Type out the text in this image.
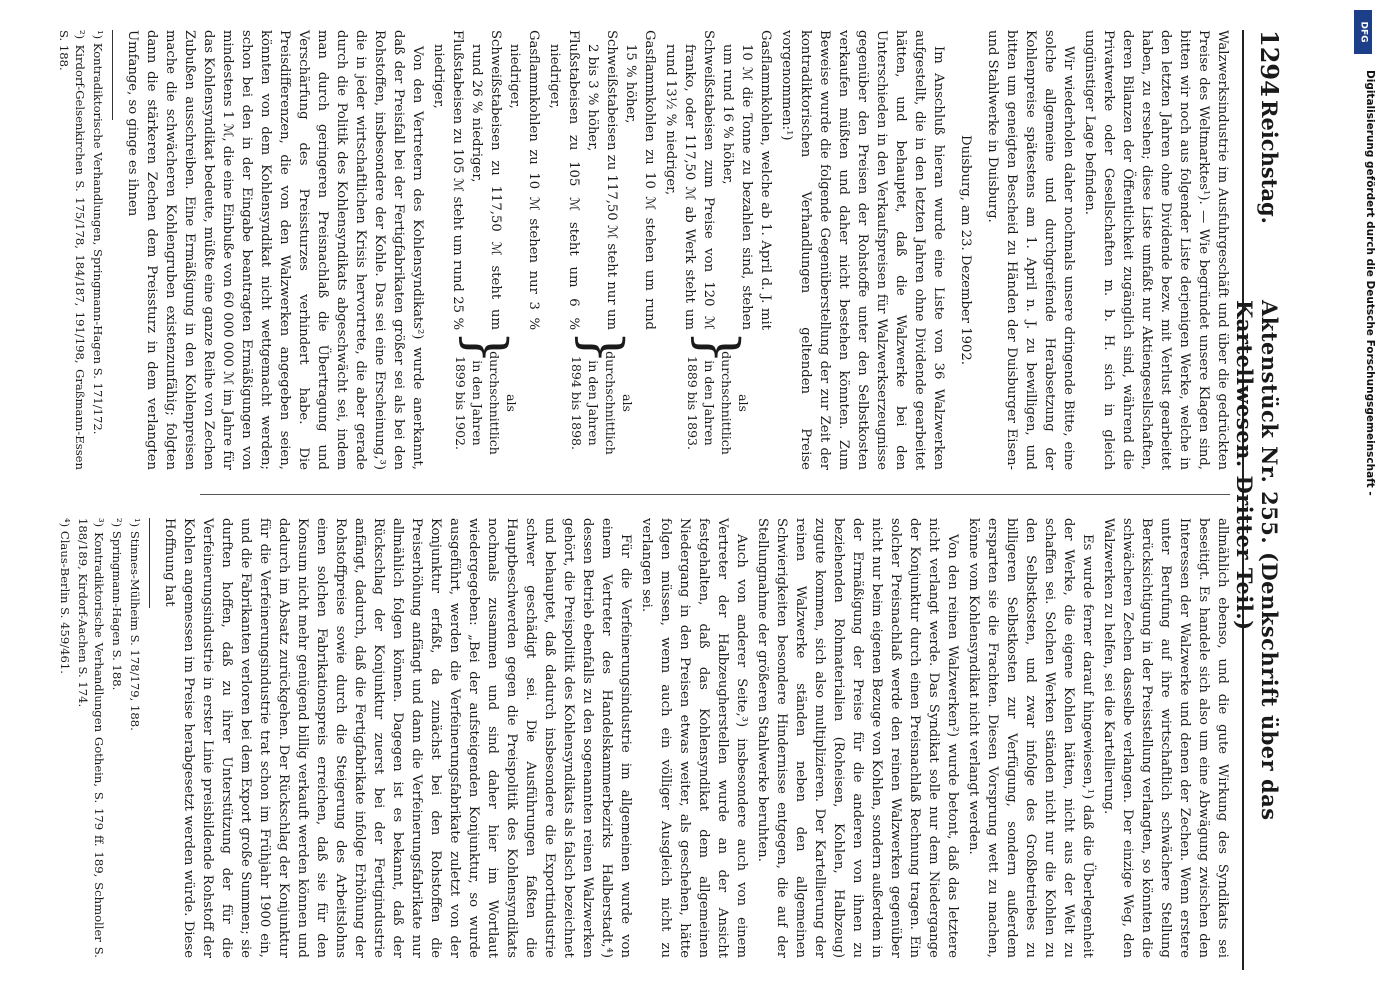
1294
Reichstag.
Aktenstück Nr. 255. (Denkschrift über das Kartellwesen. Dritter Teil.)

Walzwerksindustrie im Ausfuhrgeschäft und über die gedrückten Preise des Weltmarktes¹). — Wie begründet unsere Klagen sind, bitten wir noch aus folgender Liste derjenigen Werke, welche in den letzten Jahren ohne Dividende bezw. mit Verlust gearbeitet haben, zu ersehen; diese Liste umfaßt nur Aktiengesellschaften, deren Bilanzen der Öffentlichkeit zugänglich sind, während die Privatwerke oder Gesellschaften m. b. H. sich in gleich ungünstiger Lage befinden.

Wir wiederholen daher nochmals unsere dringende Bitte, eine solche allgemeine und durchgreifende Herabsetzung der Kohlenpreise spätestens am 1. April n. J. zu bewilligen, und bitten um geneigten Bescheid zu Händen der Duisburger Eisen- und Stahlwerke in Duisburg.

Duisburg, am 23. Dezember 1902.

Im Anschluß hieran wurde eine Liste von 36 Walzwerken aufgestellt, die in den letzten Jahren ohne Dividende gearbeitet hätten, und behauptet, daß die Walzwerke bei den Unterschieden in den Verkaufspreisen für Walzwerkserzeugnisse gegenüber den Preisen der Rohstoffe unter den Selbstkosten verkaufen müßten und daher nicht bestehen könnten. Zum Beweise wurde die folgende Gegenüberstellung der zur Zeit der kontradiktorischen Verhandlungen geltenden Preise vorgenommen:¹)

Gasflammkohlen, welche ab 1. April d. J. mit 10 ℳ die Tonne zu bezahlen sind, stehen um rund 16 % höher,
Schweißstabeisen zum Preise von 120 ℳ franko, oder 117,50 ℳ ab Werk steht um rund 13½ % niedriger,
}
als durchschnittlich in den Jahren 1889 bis 1893.
Gasflammkohlen zu 10 ℳ stehen um rund 15 % höher,
Schweißstabeisen zu 117,50 ℳ steht nur um 2 bis 3 % höher,
Flußstabeisen zu 105 ℳ steht um 6 % niedriger,
}
als durchschnittlich in den Jahren 1894 bis 1898.
Gasflammkohlen zu 10 ℳ stehen nur 3 % niedriger,
Schweißstabeisen zu 117,50 ℳ steht um rund 26 % niedriger,
Flußstabeisen zu 105 ℳ steht um rund 25 % niedriger,
}
als durchschnittlich in den Jahren 1899 bis 1902.

Von den Vertretern des Kohlensyndikats²) wurde anerkannt, daß der Preisfall bei der Fertigfabrikaten größer sei als bei den Rohstoffen, insbesondere der Kohle. Das sei eine Erscheinung,³) die in jeder wirtschaftlichen Krisis hervortrete, die aber gerade durch die Politik des Kohlensyndikats abgeschwächt sei, indem man durch geringeren Preisnachlaß die Übertragung und Verschärfung des Preissturzes verhindert habe. Die Preisdifferenzen, die von den Walzwerken angegeben seien, könnten von dem Kohlensyndikat nicht wettgemacht werden; schon bei den in der Eingabe beantragten Ermäßigungen von mindestens 1 ℳ, die eine Einbuße von 60 000 000 ℳ im Jahre für das Kohlensyndikat bedeute, müßte eine ganze Reihe von Zechen Zubußen ausschreiben. Eine Ermäßigung in den Kohlenpreisen mache die schwächeren Kohlengruben existenzunfähig; folgten dann die stärkeren Zechen dem Preissturz in dem verlangten Umfange, so ginge es ihnen

¹) Kontradiktorische Verhandlungen, Springmann-Hagen S. 171/172.

²) Kirdorf-Gelsenkirchen S. 175/178, 184/187, 191/198, Graßmann-Essen S. 188.

allmählich ebenso, und die gute Wirkung des Syndikats sei beseitigt. Es handele sich also um eine Abwägung zwischen den Interessen der Walzwerke und denen der Zechen. Wenn erstere unter Berufung auf ihre wirtschaftlich schwächere Stellung Berücksichtigung in der Preisstellung verlangten, so könnten die schwächeren Zechen dasselbe verlangen. Der einzige Weg, den Walzwerken zu helfen, sei die Kartellierung.

Es wurde ferner darauf hingewiesen,¹) daß die Überlegenheit der Werke, die eigene Kohlen hätten, nicht aus der Welt zu schaffen sei. Solchen Werken ständen nicht nur die Kohlen zu den Selbstkosten, und zwar infolge des Großbetriebes zu billigeren Selbstkosten zur Verfügung, sondern außerdem ersparten sie die Frachten. Diesen Vorsprung wett zu machen, könne vom Kohlensyndikat nicht verlangt werden.

Von den reinen Walzwerken²) wurde betont, daß das letztere nicht verlangt werde. Das Syndikat solle nur dem Niedergange der Konjunktur durch einen Preisnachlaß Rechnung tragen. Ein solcher Preisnachlaß werde den reinen Walzwerken gegenüber nicht nur beim eigenen Bezuge von Kohlen, sondern außerdem in der Ermäßigung der Preise für die anderen von ihnen zu beziehenden Rohmaterialien (Roheisen, Kohlen, Halbzeug) zugute kommen, sich also multiplizieren. Der Kartellierung der reinen Walzwerke ständen neben den allgemeinen Schwierigkeiten besondere Hindernisse entgegen, die auf der Stellungnahme der größeren Stahlwerke beruhten.

Auch von anderer Seite,³) insbesondere auch von einem Vertreter der Halbzeugherstellen wurde an der Ansicht festgehalten, daß das Kohlensyndikat dem allgemeinen Niedergang in den Preisen etwas weiter, als geschehen, hätte folgen müssen, wenn auch ein völliger Ausgleich nicht zu verlangen sei.

Für die Verfeinerungsindustrie im allgemeinen wurde von einem Vertreter des Handelskammerbezirks Halberstadt,⁴) dessen Betrieb ebenfalls zu den sogenannten reinen Walzwerken gehört, die Preispolitik des Kohlensyndikats als falsch bezeichnet und behauptet, daß dadurch insbesondere die Exportindustrie schwer geschädigt sei. Die Ausführungen faßten die Hauptbeschwerden gegen die Preispolitik des Kohlensyndikats nochmals zusammen und sind daher hier im Wortlaut wiedergegeben: „Bei der aufsteigenden Konjunktur, so wurde ausgeführt, werden die Verfeinerungsfabrikate zuletzt von der Konjunktur erfaßt, da zunächst bei den Rohstoffen die Preiserhöhung anfängt und dann die Verfeinerungsfabrikate nur allmählich folgen können. Dagegen ist es bekannt, daß der Rückschlag der Konjunktur zuerst bei der Fertigindustrie anfängt, dadurch, daß die Fertigfabrikate infolge Erhöhung der Rohstoffpreise sowie durch die Steigerung des Arbeitslohns einen solchen Fabrikationspreis erreichen, daß sie für den Konsum nicht mehr genügend billig verkauft werden können und dadurch im Absatz zurückgehen. Der Rückschlag der Konjunktur für die Verfeinerungsindustrie trat schon im Frühjahr 1900 ein, und die Fabrikanten verloren bei dem Export große Summen; sie durften hoffen, daß zu ihrer Unterstützung der für die Verfeinerungsindustrie in erster Linie preisbildende Rohstoff der Kohlen angemessen im Preise herabgesetzt werden würde. Diese Hoffnung hat

¹) Stinnes-Mülheim S. 178/179, 188.

²) Springmann-Hagen S. 188.

³) Kontradiktorische Verhandlungen Gothein, S. 179 ff. 189, Schmoller S. 188/189, Kirdorf-Aachen S. 174.

⁴) Claus-Berlin S. 459/461.

DFG
Digitalisierung gefördert durch die Deutsche Forschungsgemeinschaft -
